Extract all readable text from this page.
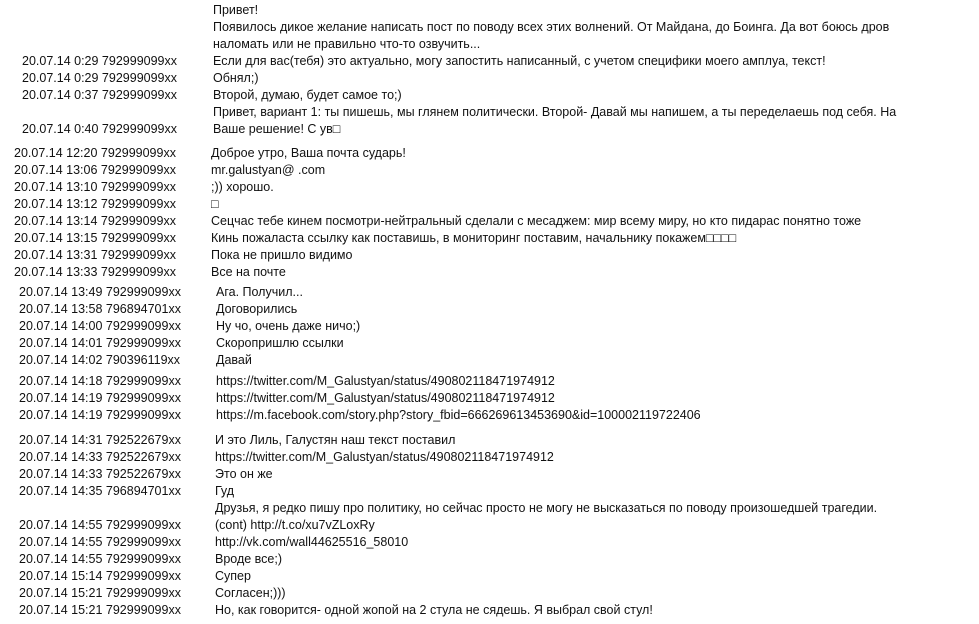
Привет!
Появилось дикое желание написать пост по поводу всех этих волнений. От Майдана, до Боинга. Да вот боюсь дров
наломать или не правильно что-то озвучить...
20.07.14 0:29 792999099xx	Если для вас(тебя) это актуально, могу запостить написанный, с учетом специфики моего амплуа, текст!
20.07.14 0:29 792999099xx	Обнял;)
20.07.14 0:37 792999099xx	Второй, думаю, будет самое то;)
Привет, вариант 1: ты пишешь, мы глянем политически. Второй- Давай мы напишем, а ты переделаешь под себя. На
20.07.14 0:40 792999099xx	Ваше решение! С ув□
20.07.14 12:20 792999099xx	Доброе утро, Ваша почта сударь!
20.07.14 13:06 792999099xx	mr.galustyan@ .com
20.07.14 13:10 792999099xx	;)) хорошо.
20.07.14 13:12 792999099xx	□
20.07.14 13:14 792999099xx	Сецчас тебе кинем посмотри-нейтральный сделали с месаджем: мир всему миру, но кто пидарас понятно тоже
20.07.14 13:15 792999099xx	Кинь пожаласта ссылку как поставишь, в мониторинг поставим, начальнику покажем□□□□
20.07.14 13:31 792999099xx	Пока не пришло видимо
20.07.14 13:33 792999099xx	Все на почте
20.07.14 13:49 792999099xx	Ага. Получил...
20.07.14 13:58 796894701xx	Договорились
20.07.14 14:00 792999099xx	Ну чо, очень даже ничо;)
20.07.14 14:01 792999099xx	Скоропришлю ссылки
20.07.14 14:02 790396119xx	Давай
20.07.14 14:18 792999099xx	https://twitter.com/M_Galustyan/status/490802118471974912
20.07.14 14:19 792999099xx	https://twitter.com/M_Galustyan/status/490802118471974912
20.07.14 14:19 792999099xx	https://m.facebook.com/story.php?story_fbid=666269613453690&id=100002119722406
20.07.14 14:31 792522679xx	И это Лиль, Галустян наш текст поставил
20.07.14 14:33 792522679xx	https://twitter.com/M_Galustyan/status/490802118471974912
20.07.14 14:33 792522679xx	Это он же
20.07.14 14:35 796894701xx	Гуд
Друзья, я редко пишу про политику, но сейчас просто не могу не высказаться по поводу произошедшей трагедии.
20.07.14 14:55 792999099xx	(cont) http://t.co/xu7vZLoxRy
20.07.14 14:55 792999099xx	http://vk.com/wall44625516_58010
20.07.14 14:55 792999099xx	Вроде все;)
20.07.14 15:14 792999099xx	Супер
20.07.14 15:21 792999099xx	Согласен;)))
20.07.14 15:21 792999099xx	Но, как говорится- одной жопой на 2 стула не сядешь. Я выбрал свой стул!
